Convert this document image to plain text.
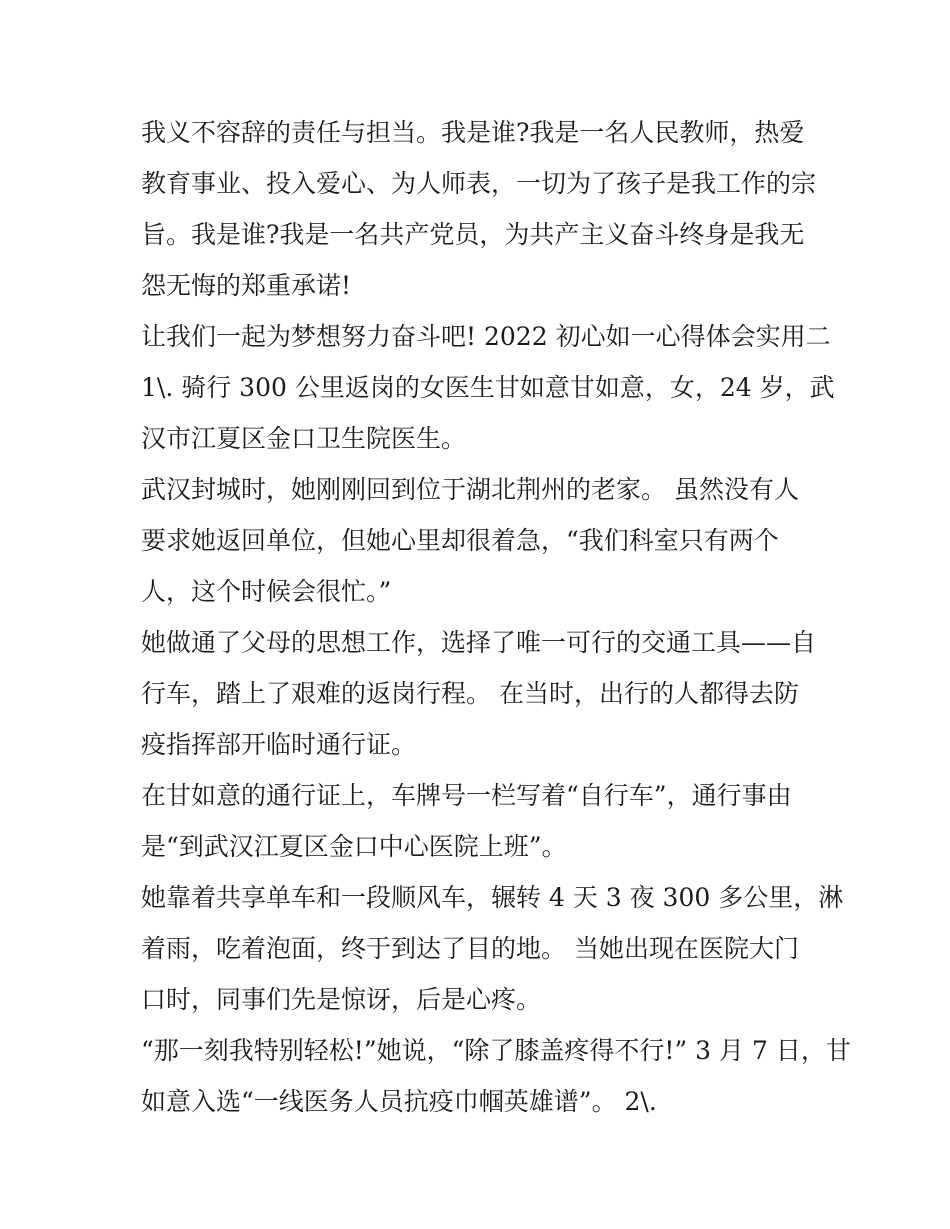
我义不容辞的责任与担当。我是谁?我是一名人民教师，热爱
教育事业、投入爱心、为人师表，一切为了孩子是我工作的宗
旨。我是谁?我是一名共产党员，为共产主义奋斗终身是我无
怨无悔的郑重承诺!
让我们一起为梦想努力奋斗吧! 2022 初心如一心得体会实用二
1\. 骑行 300 公里返岗的女医生甘如意甘如意，女，24 岁，武
汉市江夏区金口卫生院医生。
武汉封城时，她刚刚回到位于湖北荆州的老家。 虽然没有人
要求她返回单位，但她心里却很着急，“我们科室只有两个
人，这个时候会很忙。”
她做通了父母的思想工作，选择了唯一可行的交通工具——自
行车，踏上了艰难的返岗行程。 在当时，出行的人都得去防
疫指挥部开临时通行证。
在甘如意的通行证上，车牌号一栏写着“自行车”，通行事由
是“到武汉江夏区金口中心医院上班”。
她靠着共享单车和一段顺风车，辗转 4 天 3 夜 300 多公里，淋
着雨，吃着泡面，终于到达了目的地。 当她出现在医院大门
口时，同事们先是惊讶，后是心疼。
“那一刻我特别轻松!”她说，“除了膝盖疼得不行!” 3 月 7 日，甘
如意入选“一线医务人员抗疫巾帼英雄谱”。 2\.
